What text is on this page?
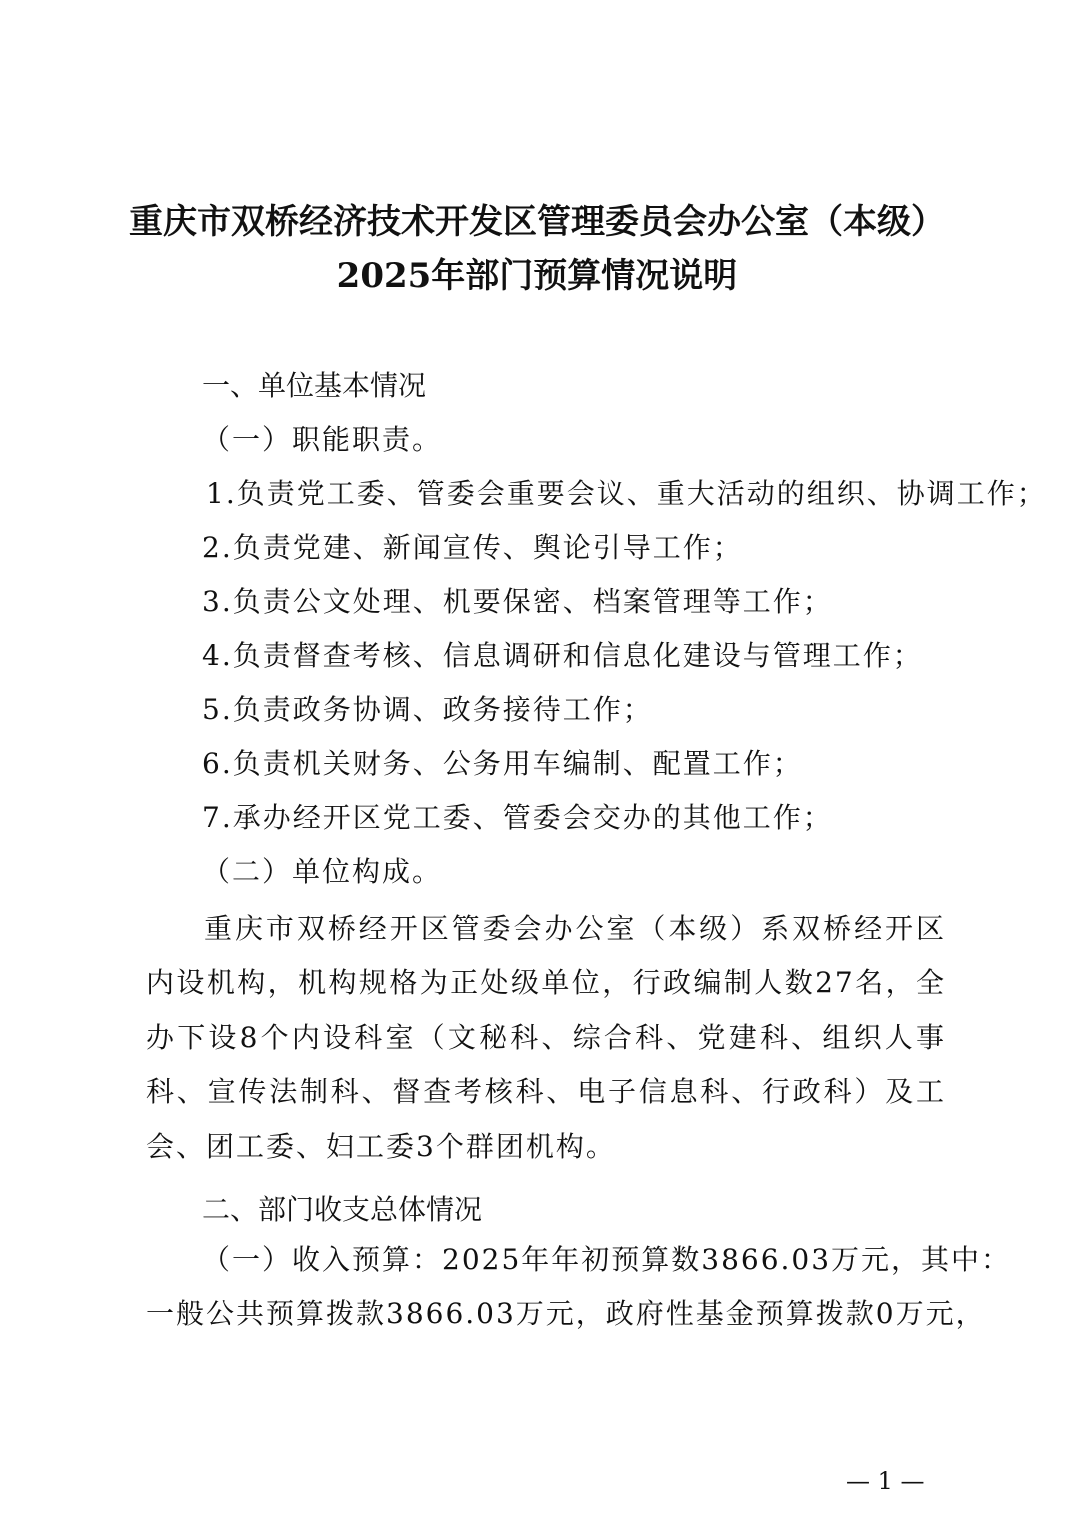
重庆市双桥经济技术开发区管理委员会办公室（本级）
2025年部门预算情况说明
一、单位基本情况
（一）职能职责。
1.负责党工委、管委会重要会议、重大活动的组织、协调工作；
2.负责党建、新闻宣传、舆论引导工作；
3.负责公文处理、机要保密、档案管理等工作；
4.负责督查考核、信息调研和信息化建设与管理工作；
5.负责政务协调、政务接待工作；
6.负责机关财务、公务用车编制、配置工作；
7.承办经开区党工委、管委会交办的其他工作；
（二）单位构成。
重庆市双桥经开区管委会办公室（本级）系双桥经开区内设机构，机构规格为正处级单位，行政编制人数27名，全办下设8个内设科室（文秘科、综合科、党建科、组织人事科、宣传法制科、督查考核科、电子信息科、行政科）及工会、团工委、妇工委3个群团机构。
二、部门收支总体情况
（一）收入预算：2025年年初预算数3866.03万元，其中：
一般公共预算拨款3866.03万元，政府性基金预算拨款0万元，
— 1 —
